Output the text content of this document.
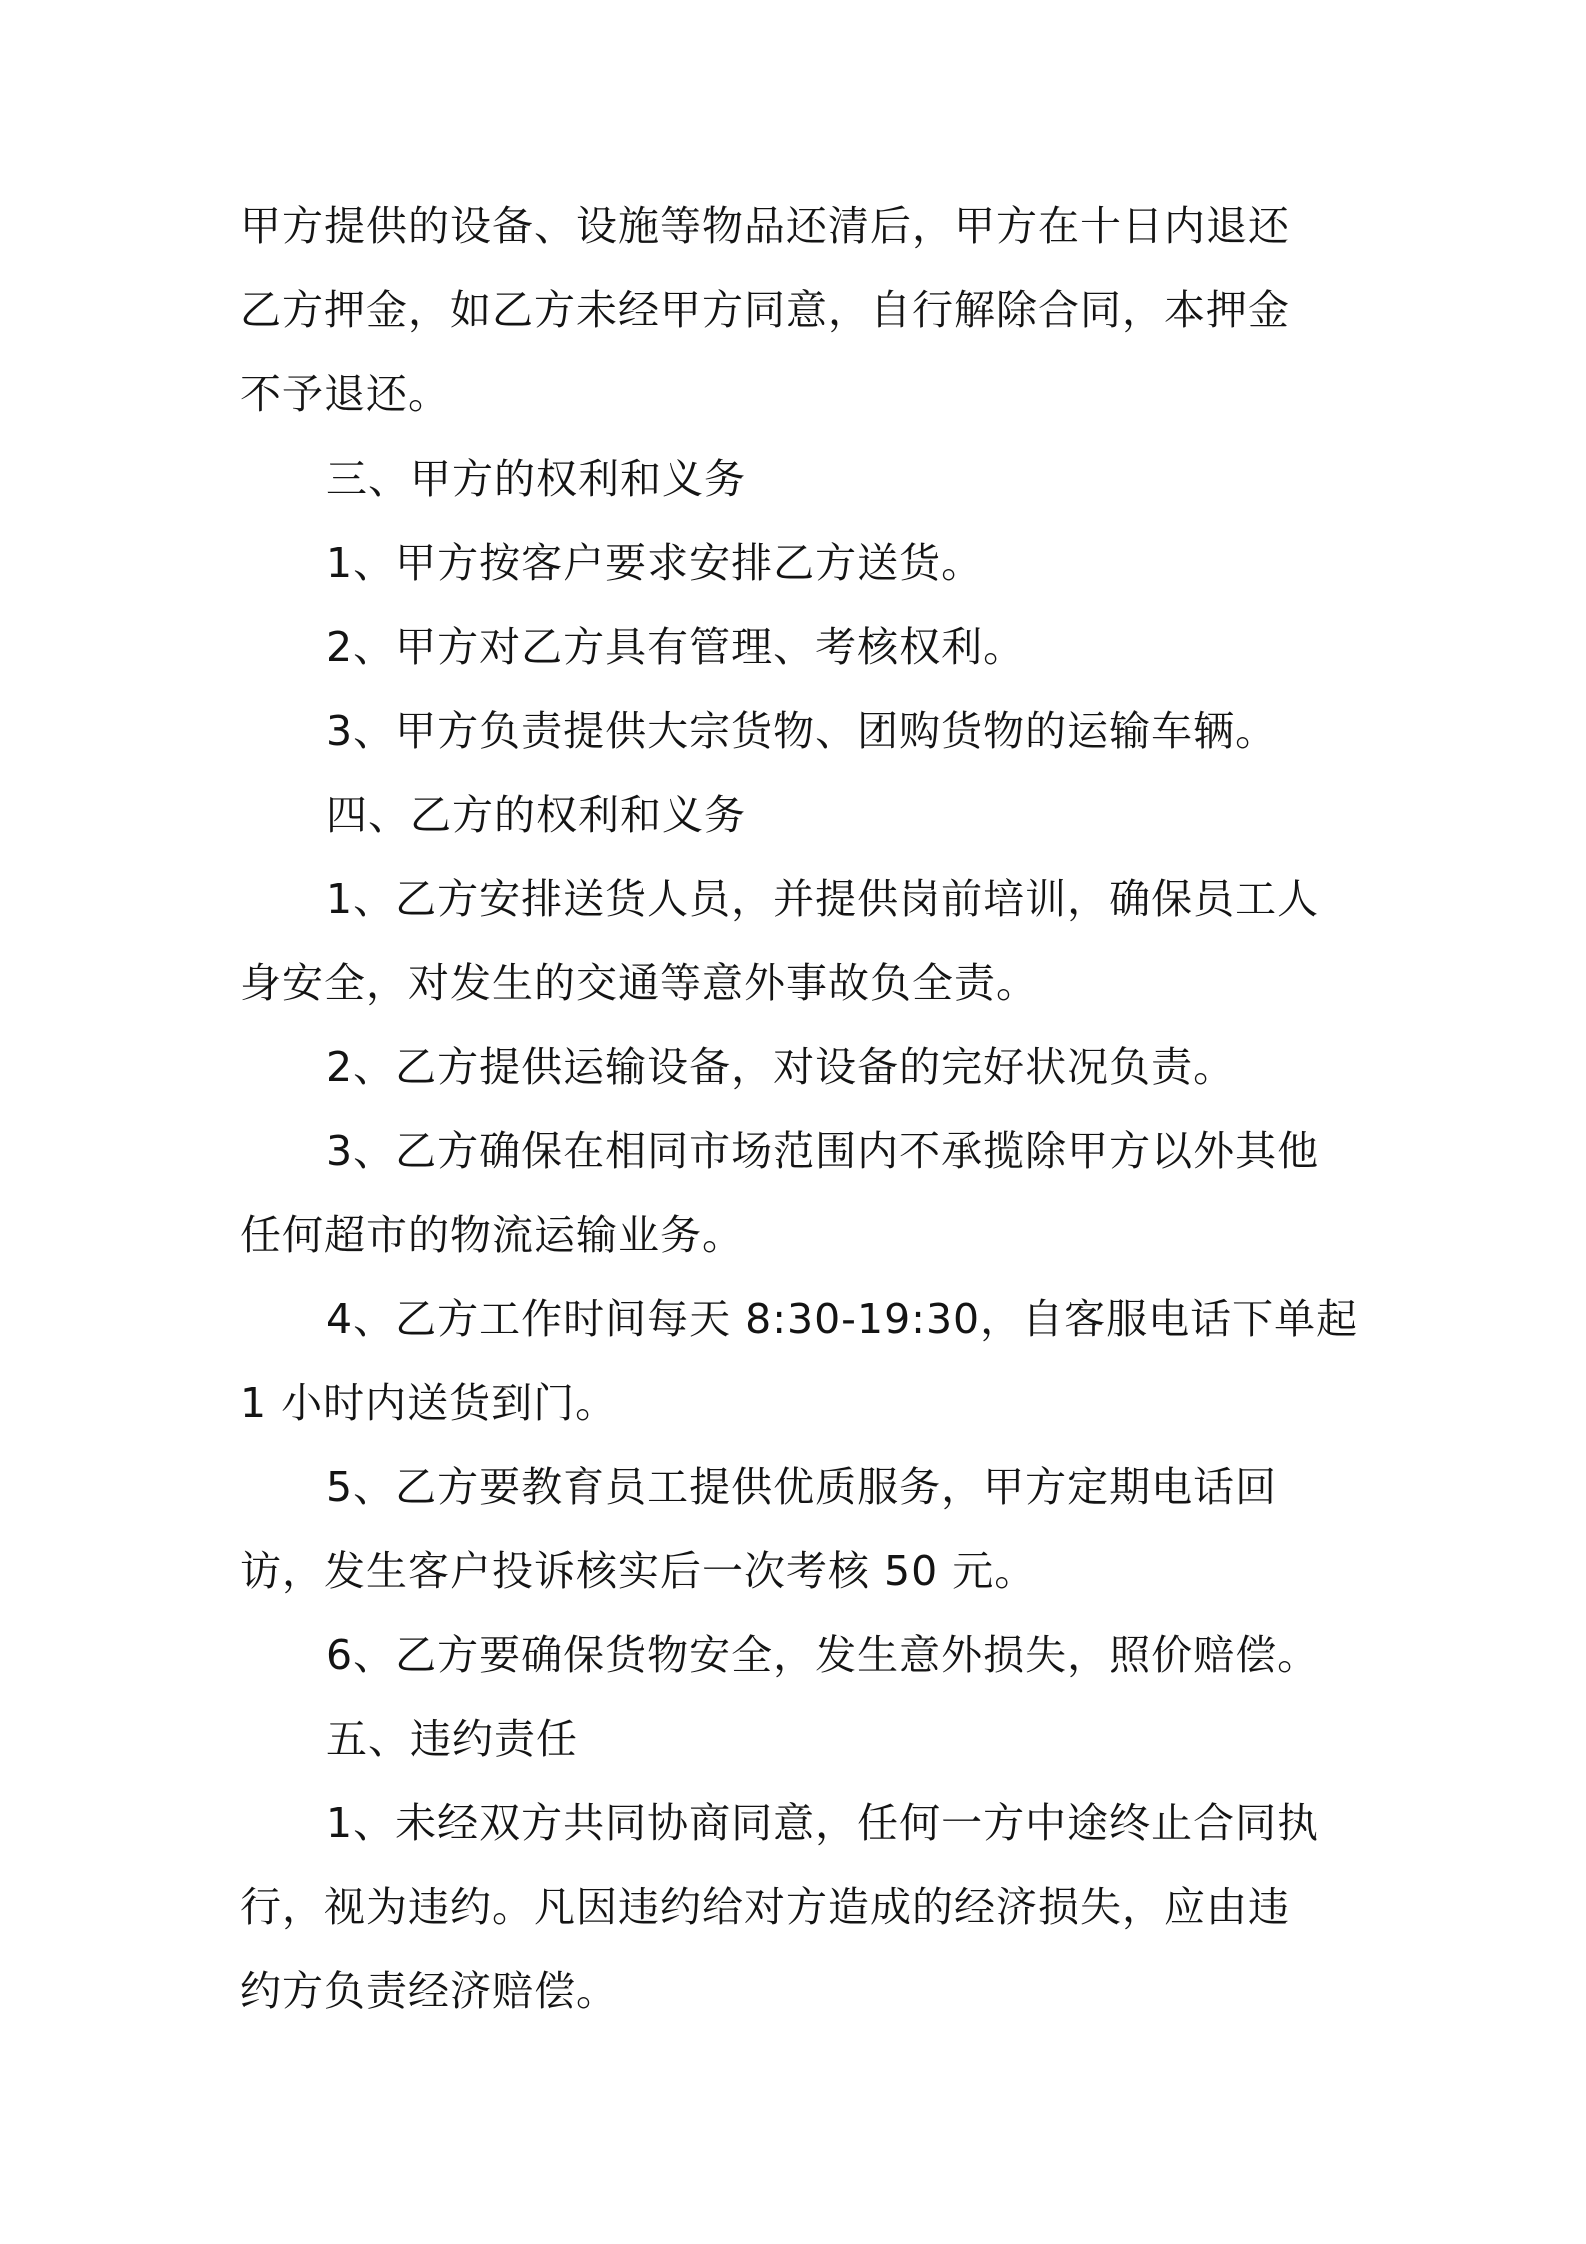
甲方提供的设备、设施等物品还清后，甲方在十日内退还
乙方押金，如乙方未经甲方同意，自行解除合同，本押金
不予退还。
三、甲方的权利和义务
1、甲方按客户要求安排乙方送货。
2、甲方对乙方具有管理、考核权利。
3、甲方负责提供大宗货物、团购货物的运输车辆。
四、乙方的权利和义务
1、乙方安排送货人员，并提供岗前培训，确保员工人
身安全，对发生的交通等意外事故负全责。
2、乙方提供运输设备，对设备的完好状况负责。
3、乙方确保在相同市场范围内不承揽除甲方以外其他
任何超市的物流运输业务。
4、乙方工作时间每天 8:30-19:30，自客服电话下单起
1 小时内送货到门。
5、乙方要教育员工提供优质服务，甲方定期电话回
访，发生客户投诉核实后一次考核 50 元。
6、乙方要确保货物安全，发生意外损失，照价赔偿。
五、违约责任
1、未经双方共同协商同意，任何一方中途终止合同执
行，视为违约。凡因违约给对方造成的经济损失，应由违
约方负责经济赔偿。
